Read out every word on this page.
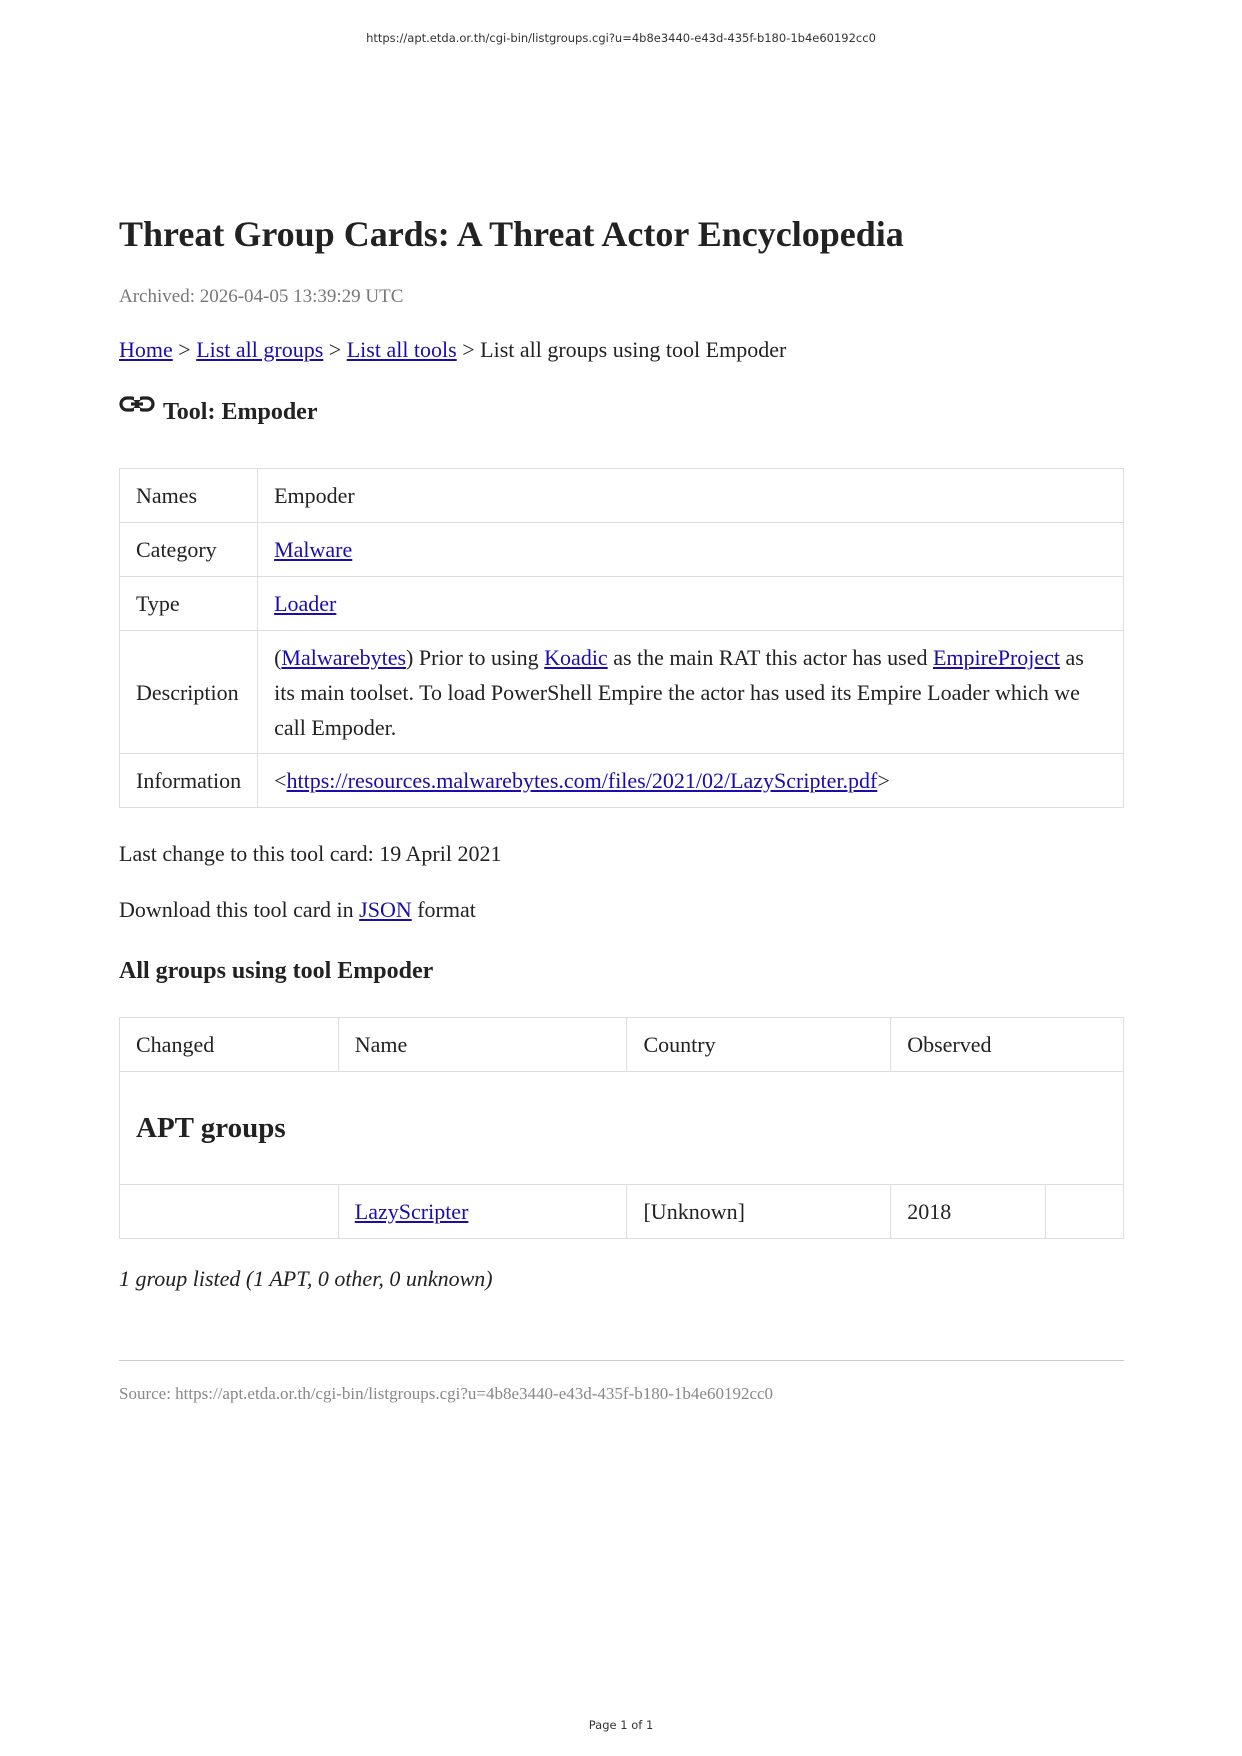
https://apt.etda.or.th/cgi-bin/listgroups.cgi?u=4b8e3440-e43d-435f-b180-1b4e60192cc0
Threat Group Cards: A Threat Actor Encyclopedia
Archived: 2026-04-05 13:39:29 UTC
Home > List all groups > List all tools > List all groups using tool Empoder
Tool: Empoder
Names	Empoder
Category	Malware
Type	Loader
Description	(Malwarebytes) Prior to using Koadic as the main RAT this actor has used EmpireProject as its main toolset. To load PowerShell Empire the actor has used its Empire Loader which we call Empoder.
Information	<https://resources.malwarebytes.com/files/2021/02/LazyScripter.pdf>
Last change to this tool card: 19 April 2021
Download this tool card in JSON format
All groups using tool Empoder
Changed	Name	Country	Observed	
APT groups				
	LazyScripter	[Unknown]	2018	
1 group listed (1 APT, 0 other, 0 unknown)
Source: https://apt.etda.or.th/cgi-bin/listgroups.cgi?u=4b8e3440-e43d-435f-b180-1b4e60192cc0
Page 1 of 1
